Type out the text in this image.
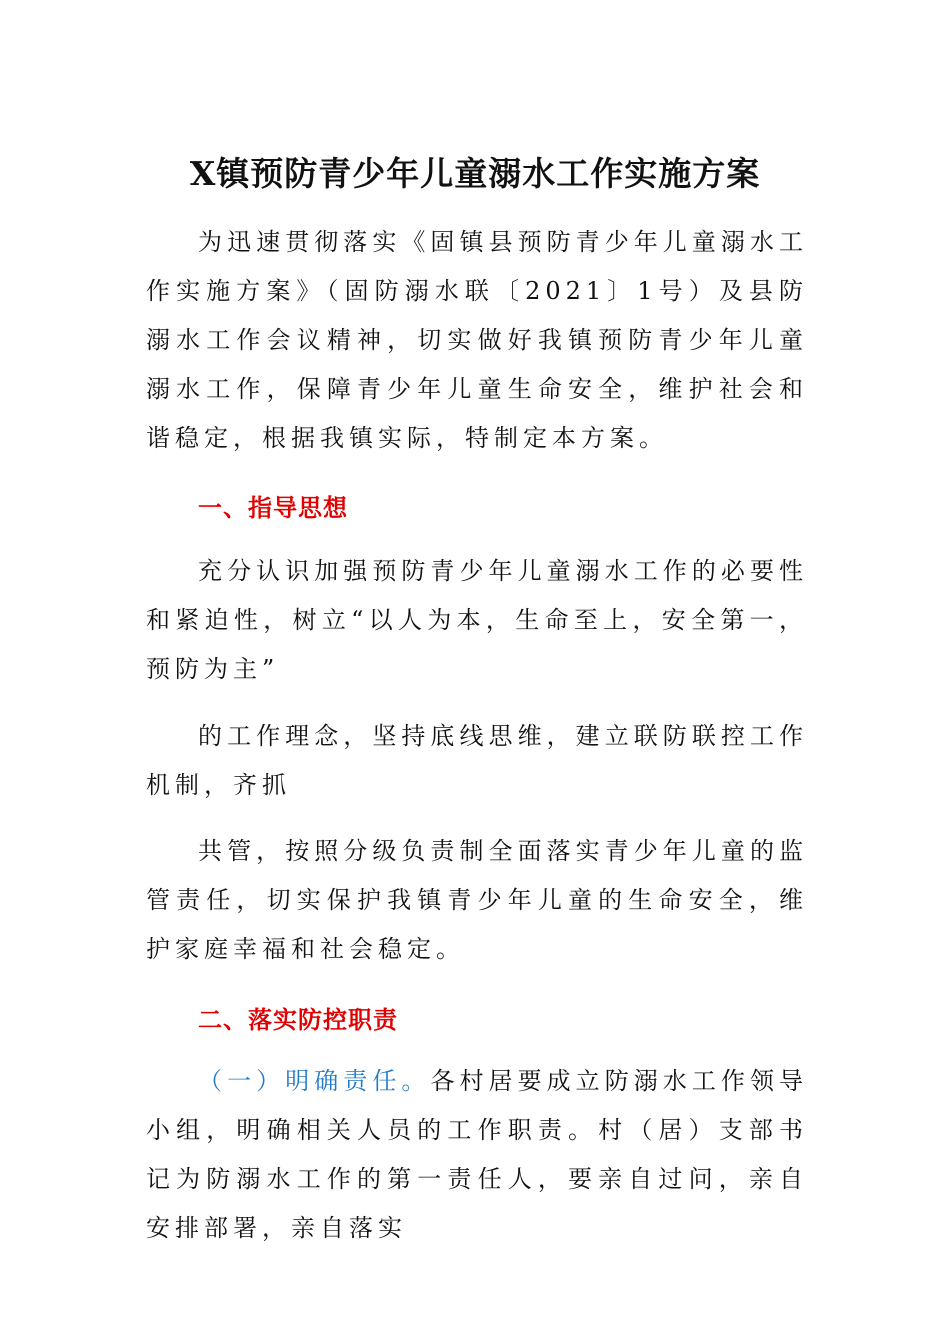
X镇预防青少年儿童溺水工作实施方案

为迅速贯彻落实《固镇县预防青少年儿童溺水工作实施方案》（固防溺水联〔2021〕1号）及县防溺水工作会议精神，切实做好我镇预防青少年儿童溺水工作，保障青少年儿童生命安全，维护社会和谐稳定，根据我镇实际，特制定本方案。

一、指导思想

充分认识加强预防青少年儿童溺水工作的必要性和紧迫性，树立“以人为本，生命至上，安全第一，预防为主”

的工作理念，坚持底线思维，建立联防联控工作机制，齐抓

共管，按照分级负责制全面落实青少年儿童的监管责任，切实保护我镇青少年儿童的生命安全，维护家庭幸福和社会稳定。

二、落实防控职责

（一）明确责任。各村居要成立防溺水工作领导小组，明确相关人员的工作职责。村（居）支部书记为防溺水工作的第一责任人，要亲自过问，亲自安排部署，亲自落实
